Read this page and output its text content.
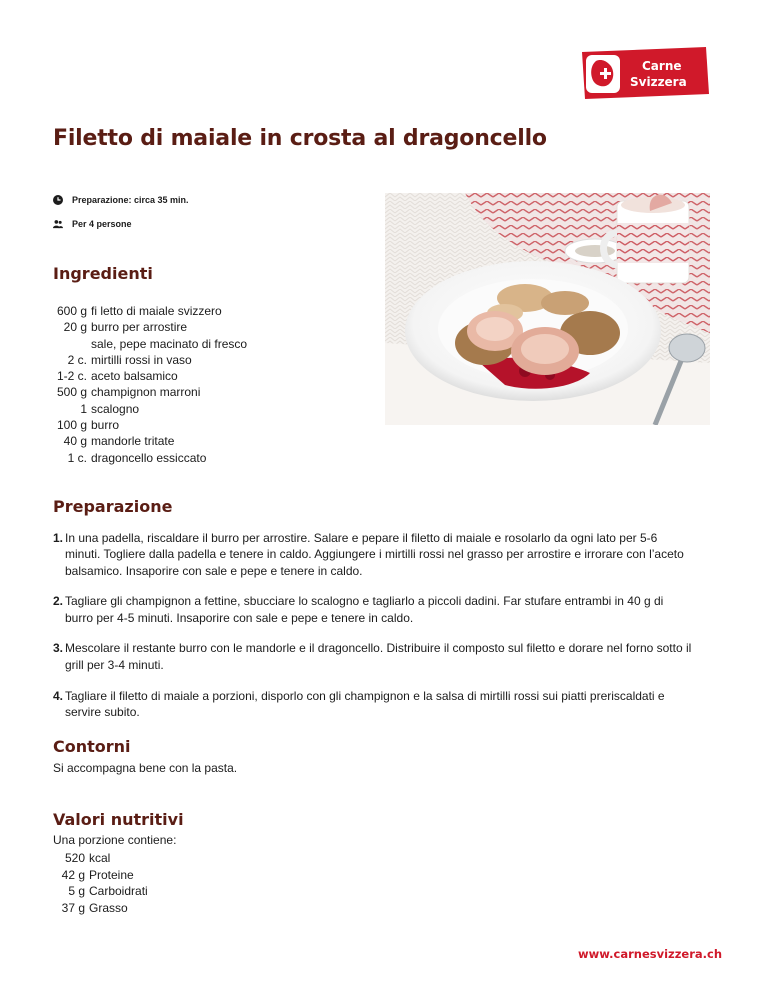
Carne
Svizzera
Filetto di maiale in crosta al dragoncello
Preparazione: circa 35 min.
Per 4 persone
Ingredienti
600 g fi letto di maiale svizzero
20 g burro per arrostire
sale, pepe macinato di fresco
2 c. mirtilli rossi in vaso
1-2 c. aceto balsamico
500 g champignon marroni
1 scalogno
100 g burro
40 g mandorle tritate
1 c. dragoncello essiccato
Preparazione
1. In una padella, riscaldare il burro per arrostire. Salare e pepare il filetto di maiale e rosolarlo da ogni lato per 5-6 minuti. Togliere dalla padella e tenere in caldo. Aggiungere i mirtilli rossi nel grasso per arrostire e irrorare con l’aceto balsamico. Insaporire con sale e pepe e tenere in caldo.
2. Tagliare gli champignon a fettine, sbucciare lo scalogno e tagliarlo a piccoli dadini. Far stufare entrambi in 40 g di burro per 4-5 minuti. Insaporire con sale e pepe e tenere in caldo.
3. Mescolare il restante burro con le mandorle e il dragoncello. Distribuire il composto sul filetto e dorare nel forno sotto il grill per 3-4 minuti.
4. Tagliare il filetto di maiale a porzioni, disporlo con gli champignon e la salsa di mirtilli rossi sui piatti preriscaldati e servire subito.
Contorni
Si accompagna bene con la pasta.
Valori nutritivi
Una porzione contiene:
520 kcal
42 g Proteine
5 g Carboidrati
37 g Grasso
www.carnesvizzera.ch
